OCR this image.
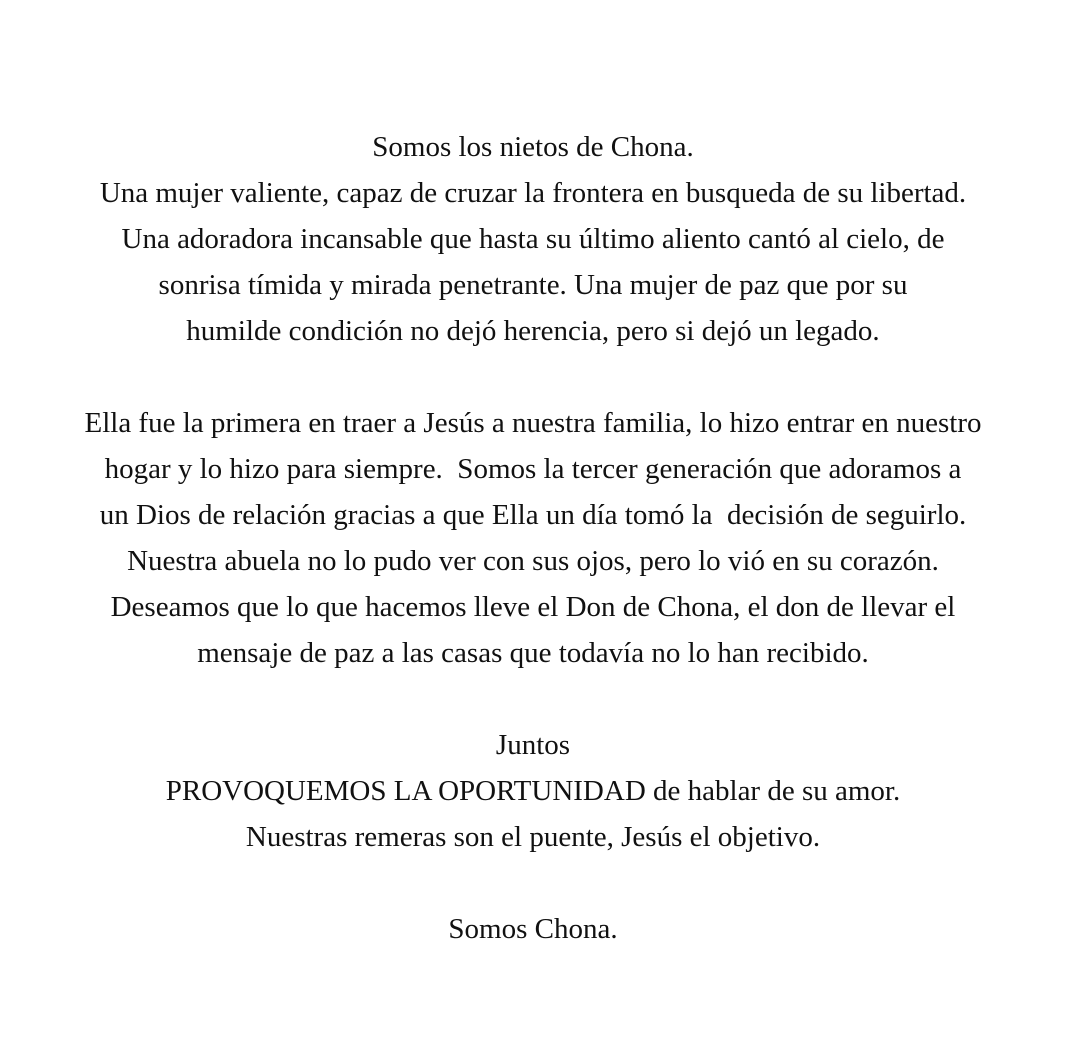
Somos los nietos de Chona.
Una mujer valiente, capaz de cruzar la frontera en busqueda de su libertad.
Una adoradora incansable que hasta su último aliento cantó al cielo, de
sonrisa tímida y mirada penetrante. Una mujer de paz que por su
humilde condición no dejó herencia, pero si dejó un legado.
Ella fue la primera en traer a Jesús a nuestra familia, lo hizo entrar en nuestro
hogar y lo hizo para siempre.  Somos la tercer generación que adoramos a
un Dios de relación gracias a que Ella un día tomó la  decisión de seguirlo.
Nuestra abuela no lo pudo ver con sus ojos, pero lo vió en su corazón.
Deseamos que lo que hacemos lleve el Don de Chona, el don de llevar el
mensaje de paz a las casas que todavía no lo han recibido.
Juntos
PROVOQUEMOS LA OPORTUNIDAD de hablar de su amor.
Nuestras remeras son el puente, Jesús el objetivo.
Somos Chona.
